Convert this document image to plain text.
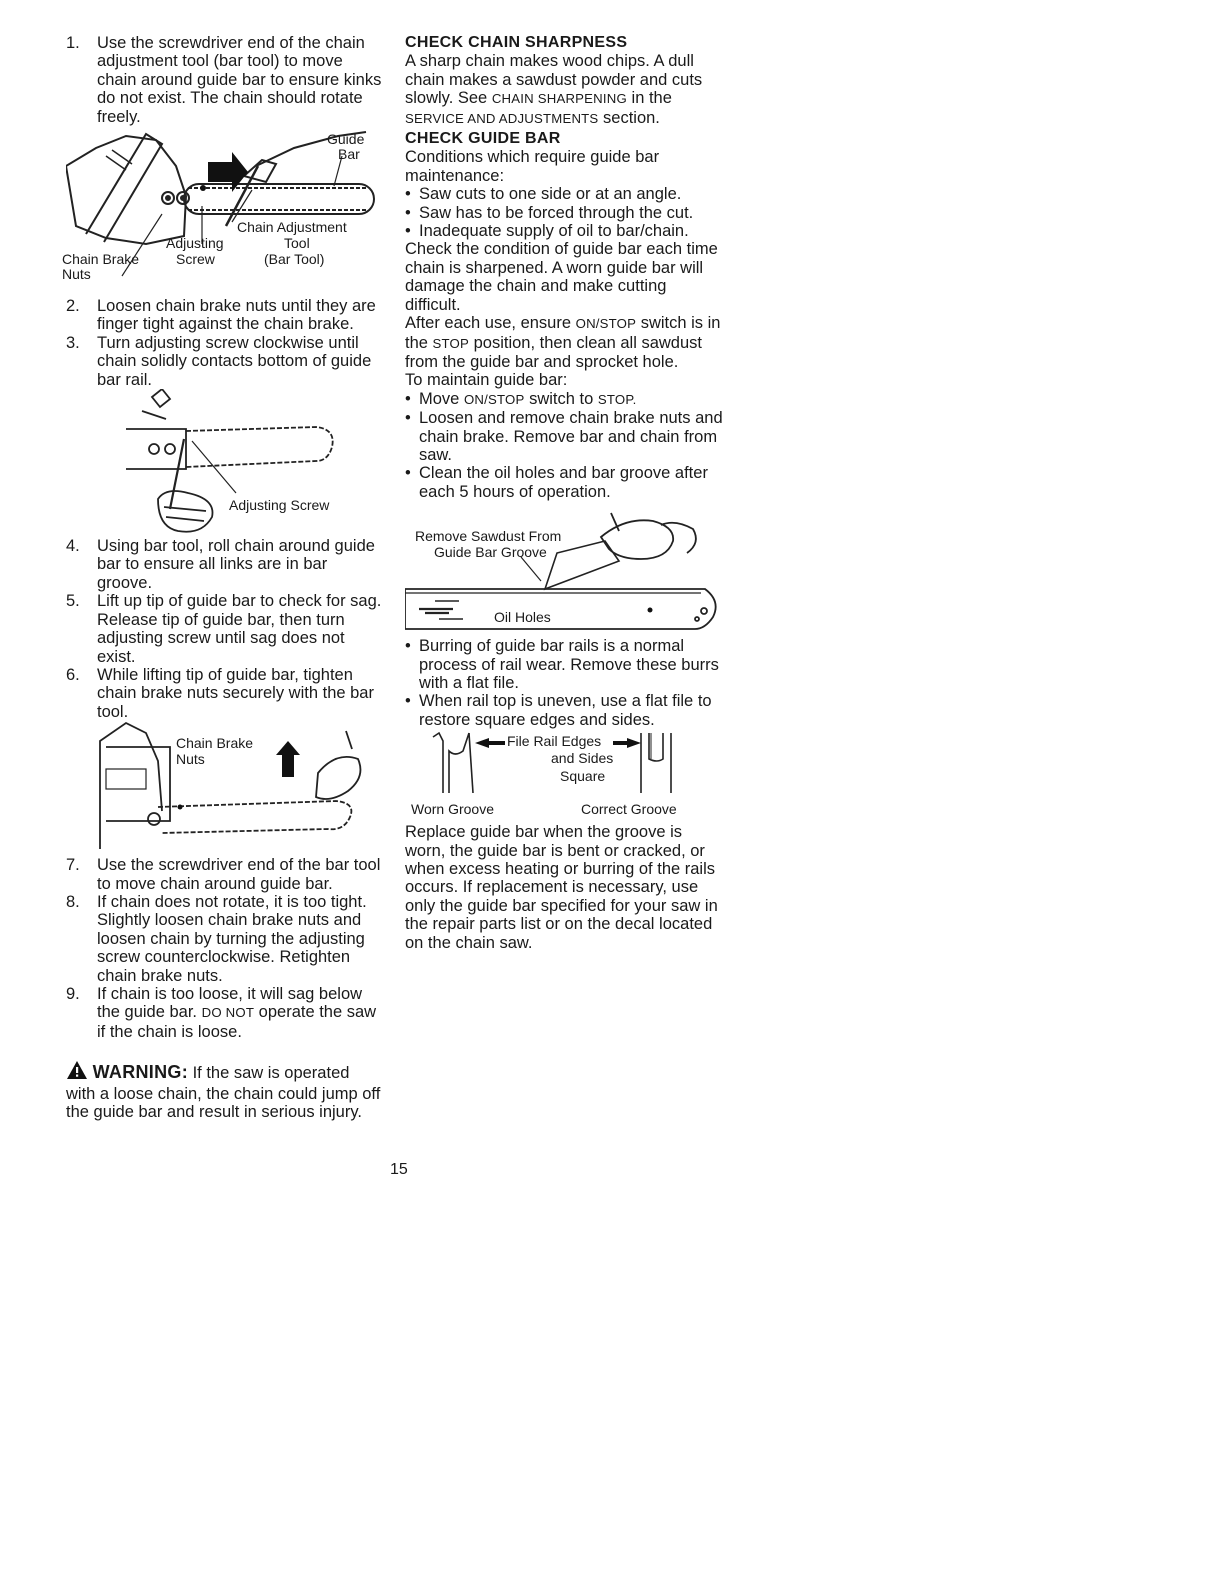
1.	Use the screwdriver end of the chain adjustment tool (bar tool) to move chain around guide bar to ensure kinks do not exist. The chain should rotate freely.
Guide
Bar
Chain Adjustment
Tool
(Bar Tool)
Adjusting
Screw
Chain Brake
Nuts
2.	Loosen chain brake nuts until they are finger tight against the chain brake.
3.	Turn adjusting screw clockwise until chain solidly contacts bottom of guide bar rail.
Adjusting Screw
4.	Using bar tool, roll chain around guide bar to ensure all links are in bar groove.
5.	Lift up tip of guide bar to check for sag. Release tip of guide bar, then turn adjusting screw until sag does not exist.
6.	While lifting tip of guide bar, tighten chain brake nuts securely with the bar tool.
Chain Brake
Nuts
7.	Use the screwdriver end of the bar tool to move chain around guide bar.
8.	If chain does not rotate, it is too tight. Slightly loosen chain brake nuts and loosen chain by turning the adjusting screw counterclockwise. Retighten chain brake nuts.
9.	If chain is too loose, it will sag below the guide bar. DO NOT operate the saw if the chain is loose.
WARNING: If the saw is operated with a loose chain, the chain could jump off the guide bar and result in serious injury.
CHECK CHAIN SHARPNESS

A sharp chain makes wood chips. A dull chain makes a sawdust powder and cuts slowly. See CHAIN SHARPENING in the SERVICE AND ADJUSTMENTS section.

CHECK GUIDE BAR

Conditions which require guide bar maintenance:

• Saw cuts to one side or at an angle.
• Saw has to be forced through the cut.
• Inadequate supply of oil to bar/chain.

Check the condition of guide bar each time chain is sharpened. A worn guide bar will damage the chain and make cutting difficult.

After each use, ensure ON/STOP switch is in the STOP position, then clean all sawdust from the guide bar and sprocket hole.

To maintain guide bar:

• Move ON/STOP switch to STOP.
• Loosen and remove chain brake nuts and chain brake. Remove bar and chain from saw.
• Clean the oil holes and bar groove after each 5 hours of operation.
Remove Sawdust From
Guide Bar Groove
Oil Holes
• Burring of guide bar rails is a normal process of rail wear. Remove these burrs with a flat file.
• When rail top is uneven, use a flat file to restore square edges and sides.
File Rail Edges
and Sides
Square
Worn Groove	Correct Groove

Replace guide bar when the groove is worn, the guide bar is bent or cracked, or when excess heating or burring of the rails occurs. If replacement is necessary, use only the guide bar specified for your saw in the repair parts list or on the decal located on the chain saw.

15
